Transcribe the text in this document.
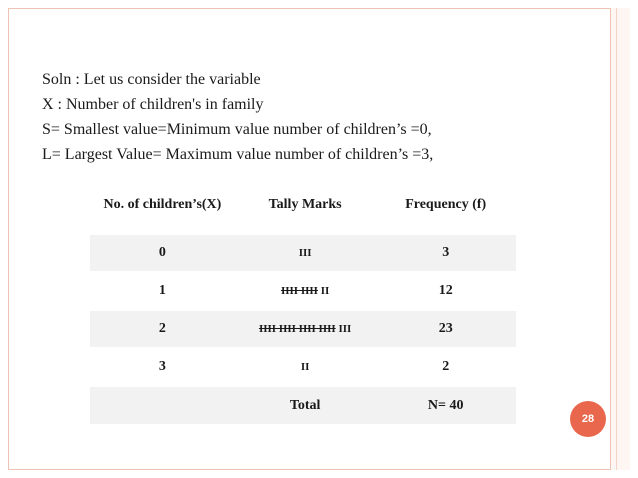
Soln : Let us consider the variable
X : Number of children's in family
S= Smallest value=Minimum value number of children’s =0,
L= Largest Value= Maximum value number of children’s =3,
No. of children’s(X)	Tally Marks	Frequency (f)
0	III	3
1	IIII IIII II	12
2	IIII IIII IIII IIII III	23
3	II	2
	Total	N= 40
28
